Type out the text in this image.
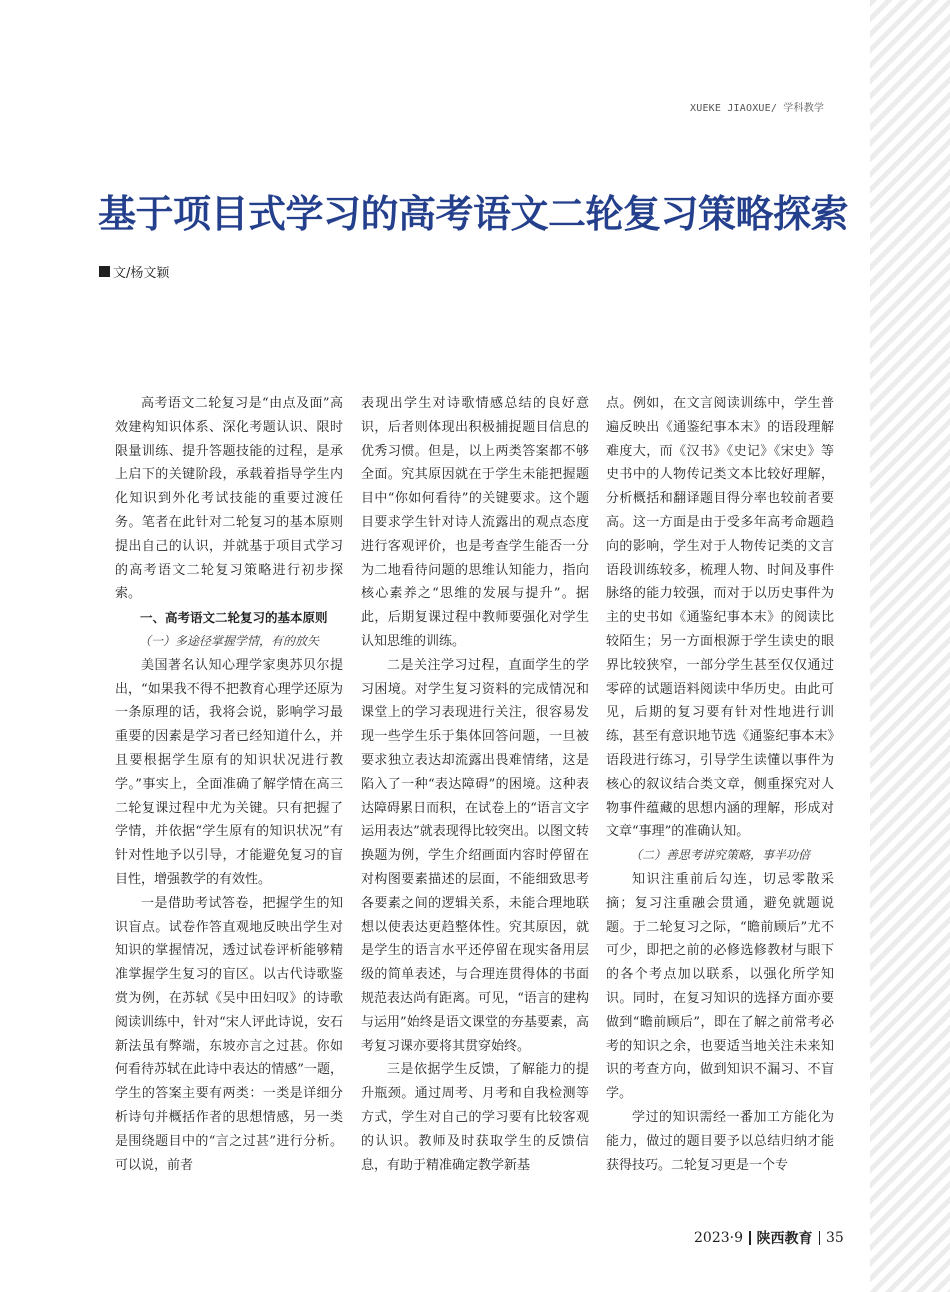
XUEKE JIAOXUE/ 学科教学
基于项目式学习的高考语文二轮复习策略探索
文/杨文颖

高考语文二轮复习是“由点及面”高效建构知识体系、深化考题认识、限时限量训练、提升答题技能的过程，是承上启下的关键阶段，承载着指导学生内化知识到外化考试技能的重要过渡任务。笔者在此针对二轮复习的基本原则提出自己的认识，并就基于项目式学习的高考语文二轮复习策略进行初步探索。

一、高考语文二轮复习的基本原则
（一）多途径掌握学情，有的放矢

美国著名认知心理学家奥苏贝尔提出，“如果我不得不把教育心理学还原为一条原理的话，我将会说，影响学习最重要的因素是学习者已经知道什么，并且要根据学生原有的知识状况进行教学。”事实上，全面准确了解学情在高三二轮复课过程中尤为关键。只有把握了学情，并依据“学生原有的知识状况”有针对性地予以引导，才能避免复习的盲目性，增强教学的有效性。

一是借助考试答卷，把握学生的知识盲点。试卷作答直观地反映出学生对知识的掌握情况，透过试卷评析能够精准掌握学生复习的盲区。以古代诗歌鉴赏为例，在苏轼《吴中田妇叹》的诗歌阅读训练中，针对“宋人评此诗说，安石新法虽有弊端，东坡亦言之过甚。你如何看待苏轼在此诗中表达的情感”一题，学生的答案主要有两类：一类是详细分析诗句并概括作者的思想情感，另一类是围绕题目中的“言之过甚”进行分析。可以说，前者

表现出学生对诗歌情感总结的良好意识，后者则体现出积极捕捉题目信息的优秀习惯。但是，以上两类答案都不够全面。究其原因就在于学生未能把握题目中“你如何看待”的关键要求。这个题目要求学生针对诗人流露出的观点态度进行客观评价，也是考查学生能否一分为二地看待问题的思维认知能力，指向核心素养之“思维的发展与提升”。据此，后期复课过程中教师要强化对学生认知思维的训练。

二是关注学习过程，直面学生的学习困境。对学生复习资料的完成情况和课堂上的学习表现进行关注，很容易发现一些学生乐于集体回答问题，一旦被要求独立表达却流露出畏难情绪，这是陷入了一种“表达障碍”的困境。这种表达障碍累日而积，在试卷上的“语言文字运用表达”就表现得比较突出。以图文转换题为例，学生介绍画面内容时停留在对构图要素描述的层面，不能细致思考各要素之间的逻辑关系，未能合理地联想以使表达更趋整体性。究其原因，就是学生的语言水平还停留在现实备用层级的简单表述，与合理连贯得体的书面规范表达尚有距离。可见，“语言的建构与运用”始终是语文课堂的夯基要素，高考复习课亦要将其贯穿始终。

三是依据学生反馈，了解能力的提升瓶颈。通过周考、月考和自我检测等方式，学生对自己的学习要有比较客观的认识。教师及时获取学生的反馈信息，有助于精准确定教学新基

点。例如，在文言阅读训练中，学生普遍反映出《通鉴纪事本末》的语段理解难度大，而《汉书》《史记》《宋史》等史书中的人物传记类文本比较好理解，分析概括和翻译题目得分率也较前者要高。这一方面是由于受多年高考命题趋向的影响，学生对于人物传记类的文言语段训练较多，梳理人物、时间及事件脉络的能力较强，而对于以历史事件为主的史书如《通鉴纪事本末》的阅读比较陌生；另一方面根源于学生读史的眼界比较狭窄，一部分学生甚至仅仅通过零碎的试题语料阅读中华历史。由此可见，后期的复习要有针对性地进行训练，甚至有意识地节选《通鉴纪事本末》语段进行练习，引导学生读懂以事件为核心的叙议结合类文章，侧重探究对人物事件蕴藏的思想内涵的理解，形成对文章“事理”的准确认知。

（二）善思考讲究策略，事半功倍

知识注重前后勾连，切忌零散采摘；复习注重融会贯通，避免就题说题。于二轮复习之际，“瞻前顾后”尤不可少，即把之前的必修选修教材与眼下的各个考点加以联系，以强化所学知识。同时，在复习知识的选择方面亦要做到“瞻前顾后”，即在了解之前常考必考的知识之余，也要适当地关注未来知识的考查方向，做到知识不漏习、不盲学。

学过的知识需经一番加工方能化为能力，做过的题目要予以总结归纳才能获得技巧。二轮复习更是一个专

2023·9 陕西教育 35
